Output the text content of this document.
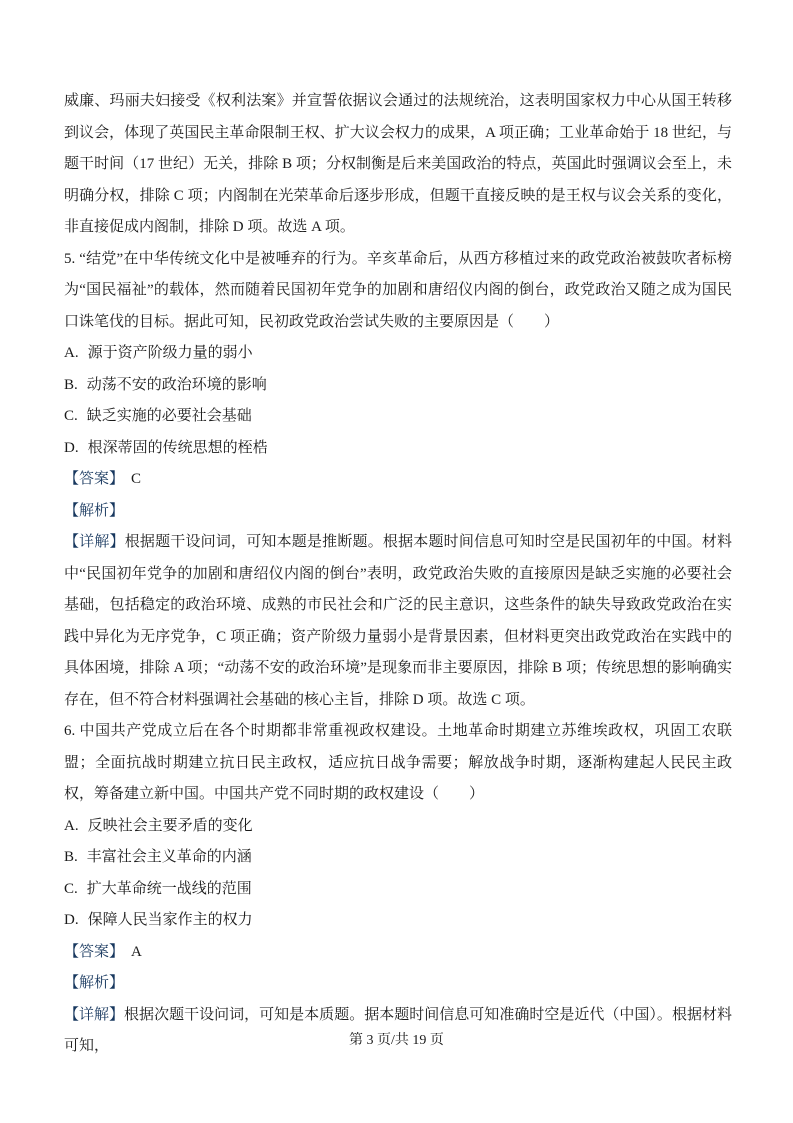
威廉、玛丽夫妇接受《权利法案》并宣誓依据议会通过的法规统治，这表明国家权力中心从国王转移到议会，体现了英国民主革命限制王权、扩大议会权力的成果，A 项正确；工业革命始于 18 世纪，与题干时间（17 世纪）无关，排除 B 项；分权制衡是后来美国政治的特点，英国此时强调议会至上，未明确分权，排除 C 项；内阁制在光荣革命后逐步形成，但题干直接反映的是王权与议会关系的变化，非直接促成内阁制，排除 D 项。故选 A 项。

5. “结党”在中华传统文化中是被唾弃的行为。辛亥革命后，从西方移植过来的政党政治被鼓吹者标榜为“国民福祉”的载体，然而随着民国初年党争的加剧和唐绍仪内阁的倒台，政党政治又随之成为国民口诛笔伐的目标。据此可知，民初政党政治尝试失败的主要原因是（　　）

A. 源于资产阶级力量的弱小

B. 动荡不安的政治环境的影响

C. 缺乏实施的必要社会基础

D. 根深蒂固的传统思想的桎梏

【答案】 C

【解析】

【详解】根据题干设问词，可知本题是推断题。根据本题时间信息可知时空是民国初年的中国。材料中“民国初年党争的加剧和唐绍仪内阁的倒台”表明，政党政治失败的直接原因是缺乏实施的必要社会基础，包括稳定的政治环境、成熟的市民社会和广泛的民主意识，这些条件的缺失导致政党政治在实践中异化为无序党争，C 项正确；资产阶级力量弱小是背景因素，但材料更突出政党政治在实践中的具体困境，排除 A 项；“动荡不安的政治环境”是现象而非主要原因，排除 B 项；传统思想的影响确实存在，但不符合材料强调社会基础的核心主旨，排除 D 项。故选 C 项。

6. 中国共产党成立后在各个时期都非常重视政权建设。土地革命时期建立苏维埃政权，巩固工农联盟；全面抗战时期建立抗日民主政权，适应抗日战争需要；解放战争时期，逐渐构建起人民民主政权，筹备建立新中国。中国共产党不同时期的政权建设（　　）

A. 反映社会主要矛盾的变化

B. 丰富社会主义革命的内涵

C. 扩大革命统一战线的范围

D. 保障人民当家作主的权力

【答案】 A

【解析】

【详解】根据次题干设问词，可知是本质题。据本题时间信息可知准确时空是近代（中国）。根据材料可知，	第 3 页/共 19 页
